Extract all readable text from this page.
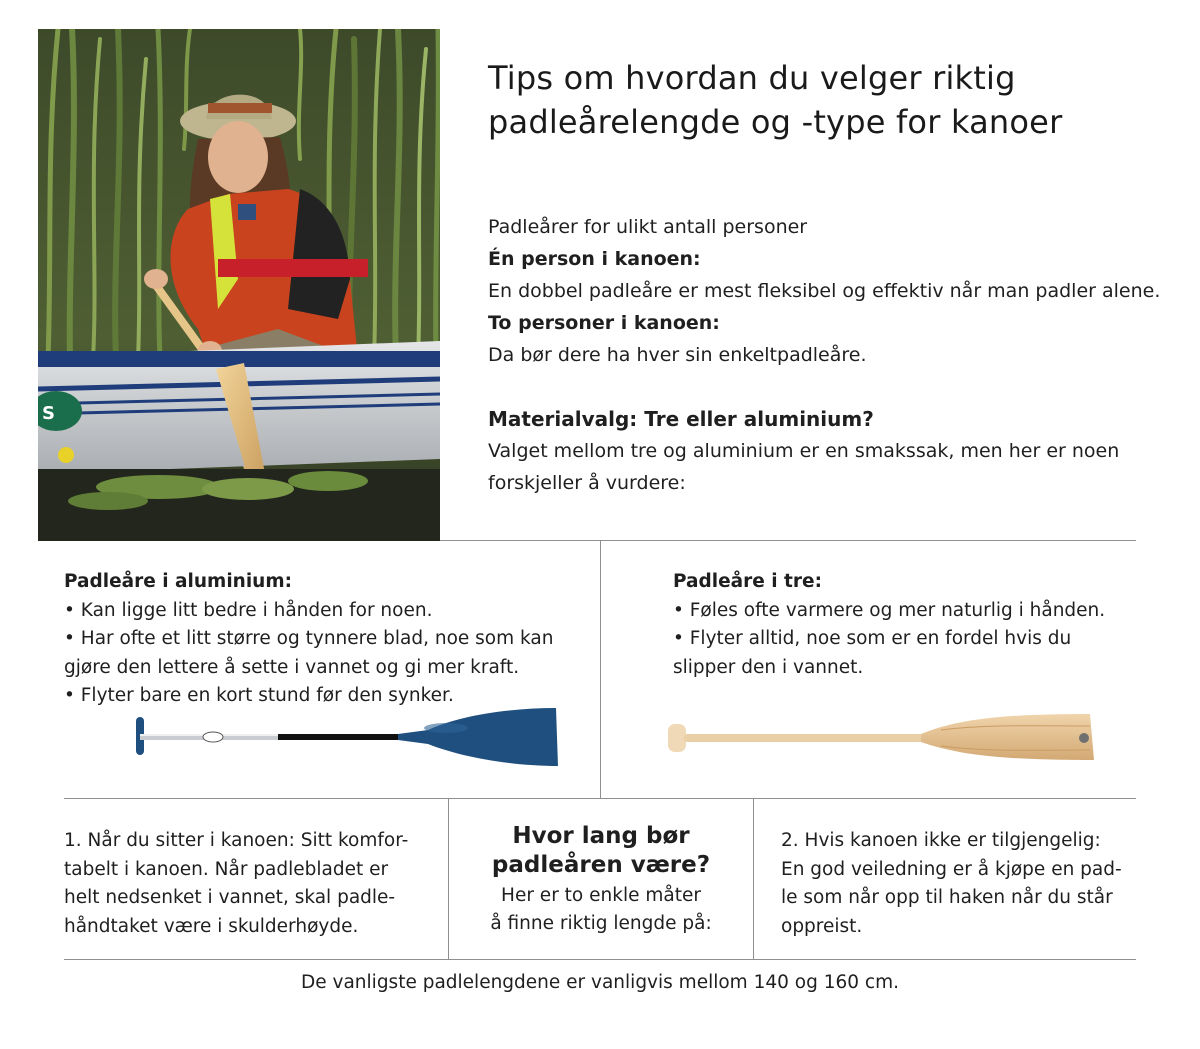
S
Tips om hvordan du velger riktig
padleårelengde og -type for kanoer

Padleårer for ulikt antall personer

Én person i kanoen:

En dobbel padleåre er mest fleksibel og effektiv når man padler alene.

To personer i kanoen:

Da bør dere ha hver sin enkeltpadleåre.

Materialvalg: Tre eller aluminium?

Valget mellom tre og aluminium er en smakssak, men her er noen

forskjeller å vurdere:

Padleåre i aluminium:

• Kan ligge litt bedre i hånden for noen.

• Har ofte et litt større og tynnere blad, noe som kan

gjøre den lettere å sette i vannet og gi mer kraft.

• Flyter bare en kort stund før den synker.

Padleåre i tre:

• Føles ofte varmere og mer naturlig i hånden.

• Flyter alltid, noe som er en fordel hvis du

slipper den i vannet.

1. Når du sitter i kanoen: Sitt komfor-
tabelt i kanoen. Når padlebladet er
helt nedsenket i vannet, skal padle-
håndtaket være i skulderhøyde.

Hvor lang bør

padleåren være?

Her er to enkle måter

å finne riktig lengde på:

2. Hvis kanoen ikke er tilgjengelig:
En god veiledning er å kjøpe en pad-
le som når opp til haken når du står
oppreist.
De vanligste padlelengdene er vanligvis mellom 140 og 160 cm.
